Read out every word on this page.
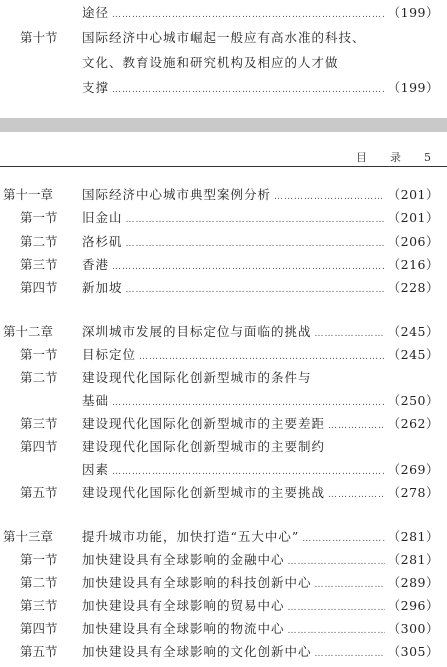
途径 ………………………………………………………………………………………………………………	（199）
第十节 国际经济中心城市崛起一般应有高水准的科技、
文化、教育设施和研究机构及相应的人才做
支撑 ………………………………………………………………………………………………………………	（199）
目　录　5
第十一章 国际经济中心城市典型案例分析 ………………………………………………………………………………………………………………	（201）
第一节 旧金山 ………………………………………………………………………………………………………………	（201）
第二节 洛杉矶 ………………………………………………………………………………………………………………	（206）
第三节 香港 ………………………………………………………………………………………………………………	（216）
第四节 新加坡 ………………………………………………………………………………………………………………	（228）
第十二章 深圳城市发展的目标定位与面临的挑战 ………………………………………………………………………………………………………………	（245）
第一节 目标定位 ………………………………………………………………………………………………………………	（245）
第二节 建设现代化国际化创新型城市的条件与
基础 ………………………………………………………………………………………………………………	（250）
第三节 建设现代化国际化创新型城市的主要差距 ………………………………………………………………………………………………………………	（262）
第四节 建设现代化国际化创新型城市的主要制约
因素 ………………………………………………………………………………………………………………	（269）
第五节 建设现代化国际化创新型城市的主要挑战 ………………………………………………………………………………………………………………	（278）
第十三章 提升城市功能，加快打造“五大中心” ………………………………………………………………………………………………………………	（281）
第一节 加快建设具有全球影响的金融中心 ………………………………………………………………………………………………………………	（281）
第二节 加快建设具有全球影响的科技创新中心 ………………………………………………………………………………………………………………	（289）
第三节 加快建设具有全球影响的贸易中心 ………………………………………………………………………………………………………………	（296）
第四节 加快建设具有全球影响的物流中心 ………………………………………………………………………………………………………………	（300）
第五节 加快建设具有全球影响的文化创新中心 ………………………………………………………………………………………………………………	（305）
